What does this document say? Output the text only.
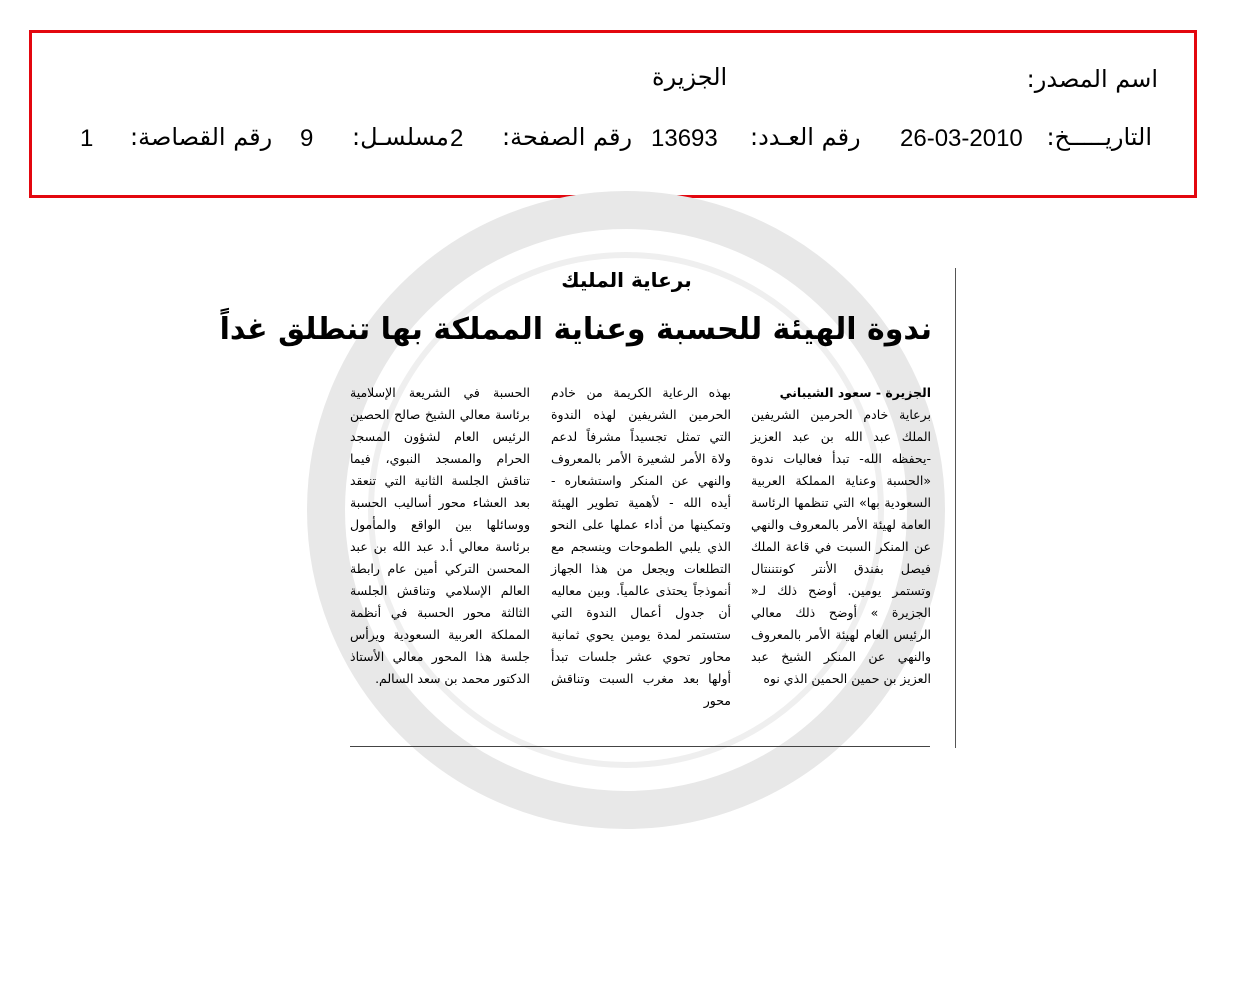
اسم المصدر:
الجزيرة
التاريـــــخ:
26-03-2010
رقم العـدد:
13693
رقم الصفحة:
2
مسلسـل:
9
رقم القصاصة:
1
برعاية المليك
ندوة الهيئة للحسبة وعناية المملكة بها تنطلق غداً
الجزيرة - سعود الشيباني
برعاية خادم الحرمين الشريفين الملك عبد الله بن عبد العزيز -يحفظه الله- تبدأ فعاليات ندوة «الحسبة وعناية المملكة العربية السعودية بها» التي تنظمها الرئاسة العامة لهيئة الأمر بالمعروف والنهي عن المنكر السبت في قاعة الملك فيصل بفندق الأنتر كونتننتال وتستمر يومين. أوضح ذلك لـ« الجزيرة » أوضح ذلك معالي الرئيس العام لهيئة الأمر بالمعروف والنهي عن المنكر الشيخ عبد العزيز بن حمين الحمين الذي نوه
بهذه الرعاية الكريمة من خادم الحرمين الشريفين لهذه الندوة التي تمثل تجسيداً مشرفاً لدعم ولاة الأمر لشعيرة الأمر بالمعروف والنهي عن المنكر واستشعاره - أيده الله - لأهمية تطوير الهيئة وتمكينها من أداء عملها على النحو الذي يلبي الطموحات وينسجم مع التطلعات ويجعل من هذا الجهاز أنموذجاً يحتذى عالمياً. وبين معاليه أن جدول أعمال الندوة التي ستستمر لمدة يومين يحوي ثمانية محاور تحوي عشر جلسات تبدأ أولها بعد مغرب السبت وتناقش محور
الحسبة في الشريعة الإسلامية برئاسة معالي الشيخ صالح الحصين الرئيس العام لشؤون المسجد الحرام والمسجد النبوي، فيما تناقش الجلسة الثانية التي تنعقد بعد العشاء محور أساليب الحسبة ووسائلها بين الواقع والمأمول برئاسة معالي أ.د عبد الله بن عبد المحسن التركي أمين عام رابطة العالم الإسلامي وتناقش الجلسة الثالثة محور الحسبة في أنظمة المملكة العربية السعودية ويرأس جلسة هذا المحور معالي الأستاذ الدكتور محمد بن سعد السالم.
